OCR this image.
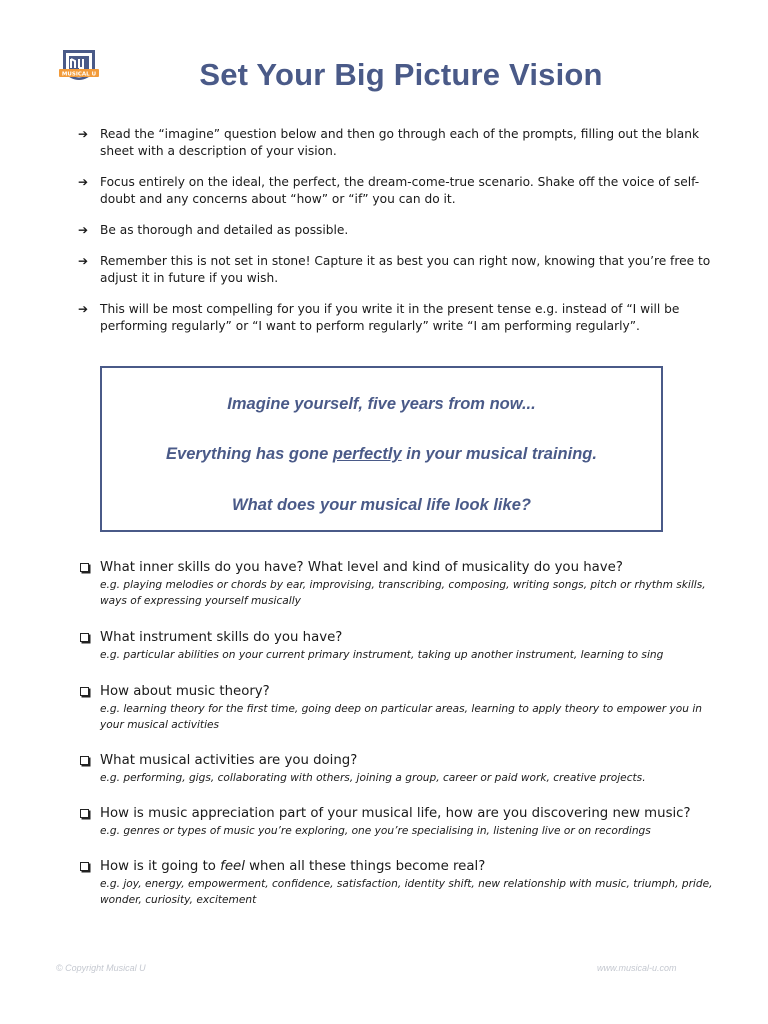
MUSICAL U	Set Your Big Picture Vision
➔ Read the “imagine” question below and then go through each of the prompts, filling out the blank sheet with a description of your vision.
➔ Focus entirely on the ideal, the perfect, the dream-come-true scenario. Shake off the voice of self-doubt and any concerns about “how” or “if” you can do it.
➔ Be as thorough and detailed as possible.
➔ Remember this is not set in stone! Capture it as best you can right now, knowing that you’re free to adjust it in future if you wish.
➔ This will be most compelling for you if you write it in the present tense e.g. instead of “I will be performing regularly” or “I want to perform regularly” write “I am performing regularly”.
Imagine yourself, five years from now...
Everything has gone perfectly in your musical training.
What does your musical life look like?
What inner skills do you have? What level and kind of musicality do you have?
e.g. playing melodies or chords by ear, improvising, transcribing, composing, writing songs, pitch or rhythm skills, ways of expressing yourself musically
What instrument skills do you have?
e.g. particular abilities on your current primary instrument, taking up another instrument, learning to sing
How about music theory?
e.g. learning theory for the first time, going deep on particular areas, learning to apply theory to empower you in your musical activities
What musical activities are you doing?
e.g. performing, gigs, collaborating with others, joining a group, career or paid work, creative projects.
How is music appreciation part of your musical life, how are you discovering new music?
e.g. genres or types of music you’re exploring, one you’re specialising in, listening live or on recordings
How is it going to feel when all these things become real?
e.g. joy, energy, empowerment, confidence, satisfaction, identity shift, new relationship with music, triumph, pride, wonder, curiosity, excitement
© Copyright Musical U	www.musical-u.com
